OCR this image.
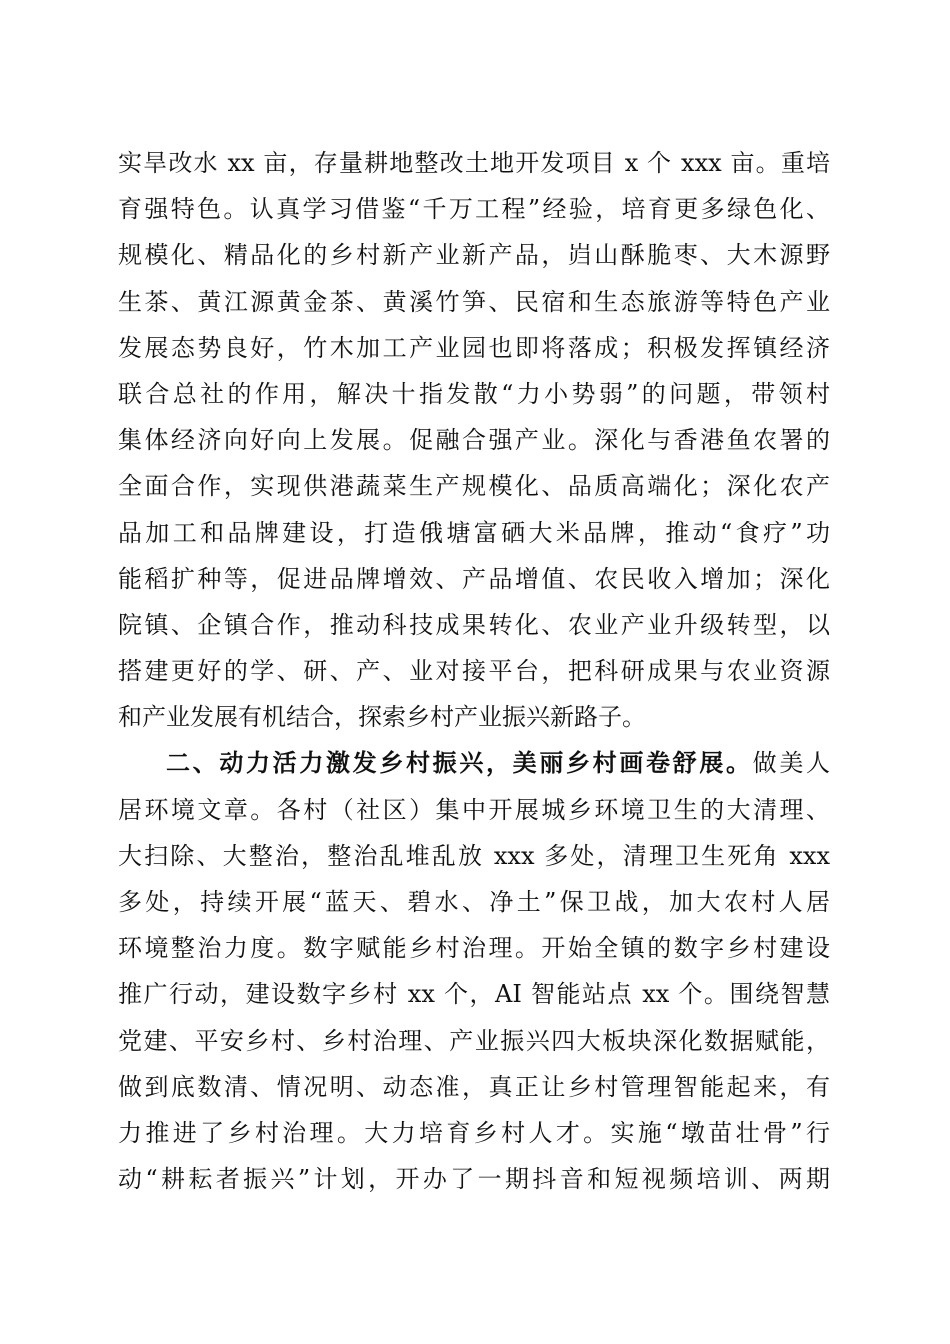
实旱改水 xx 亩，存量耕地整改土地开发项目 x 个 xxx 亩。重培
育强特色。认真学习借鉴“千万工程”经验，培育更多绿色化、
规模化、精品化的乡村新产业新产品，岿山酥脆枣、大木源野
生茶、黄江源黄金茶、黄溪竹笋、民宿和生态旅游等特色产业
发展态势良好，竹木加工产业园也即将落成；积极发挥镇经济
联合总社的作用，解决十指发散“力小势弱”的问题，带领村
集体经济向好向上发展。促融合强产业。深化与香港鱼农署的
全面合作，实现供港蔬菜生产规模化、品质高端化；深化农产
品加工和品牌建设，打造俄塘富硒大米品牌，推动“食疗”功
能稻扩种等，促进品牌增效、产品增值、农民收入增加；深化
院镇、企镇合作，推动科技成果转化、农业产业升级转型，以
搭建更好的学、研、产、业对接平台，把科研成果与农业资源
和产业发展有机结合，探索乡村产业振兴新路子。
二、动力活力激发乡村振兴，美丽乡村画卷舒展。做美人
居环境文章。各村（社区）集中开展城乡环境卫生的大清理、
大扫除、大整治，整治乱堆乱放 xxx 多处，清理卫生死角 xxx
多处，持续开展“蓝天、碧水、净土”保卫战，加大农村人居
环境整治力度。数字赋能乡村治理。开始全镇的数字乡村建设
推广行动，建设数字乡村 xx 个，AI 智能站点 xx 个。围绕智慧
党建、平安乡村、乡村治理、产业振兴四大板块深化数据赋能，
做到底数清、情况明、动态准，真正让乡村管理智能起来，有
力推进了乡村治理。大力培育乡村人才。实施“墩苗壮骨”行
动“耕耘者振兴”计划，开办了一期抖音和短视频培训、两期
